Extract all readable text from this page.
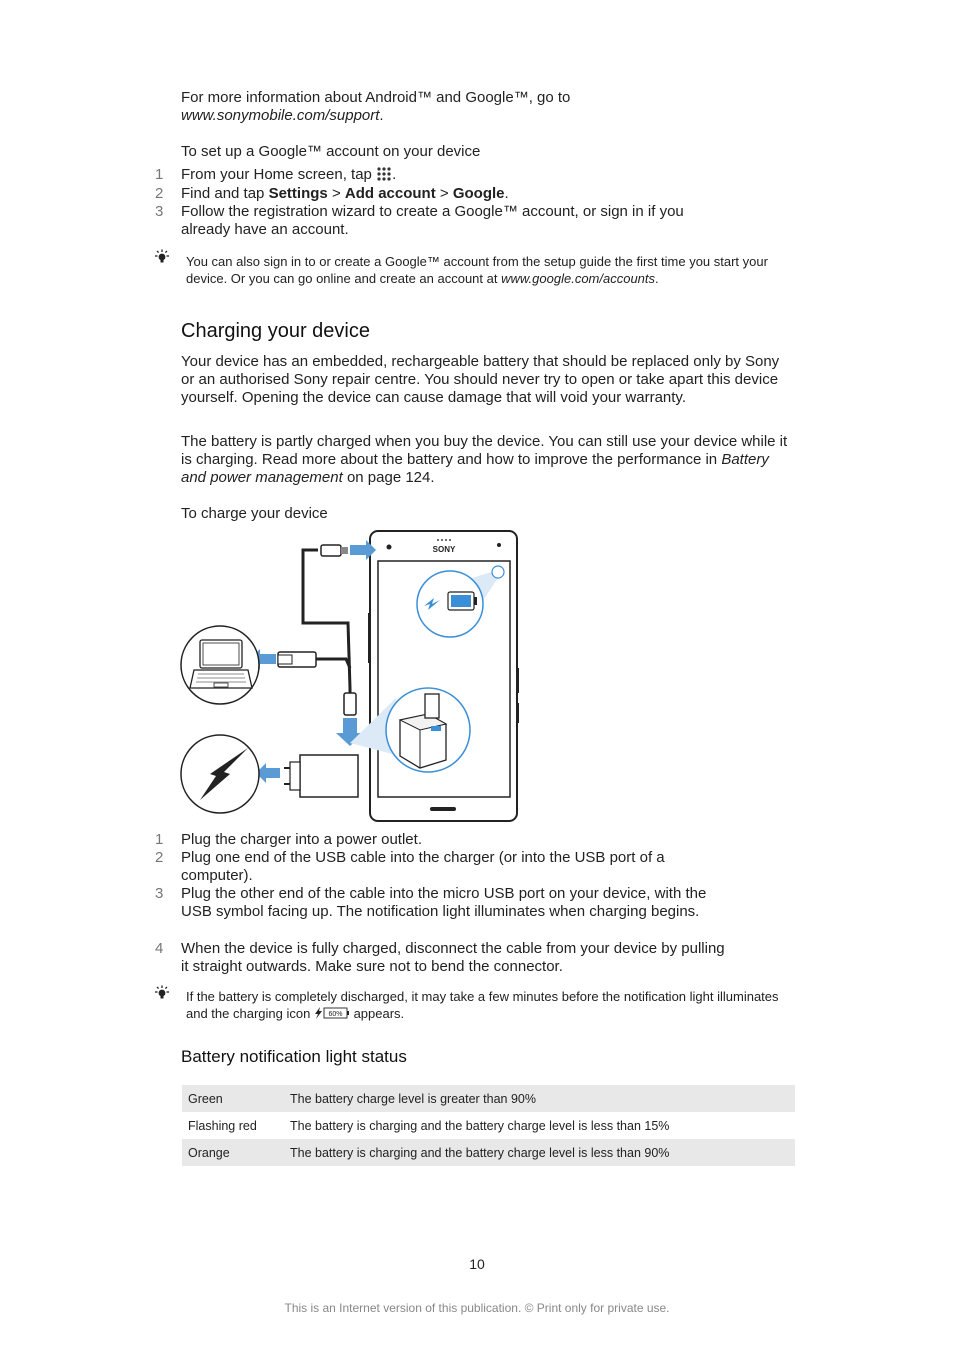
For more information about Android™ and Google™, go to
www.sonymobile.com/support.
To set up a Google™ account on your device
1 From your Home screen, tap .
2 Find and tap Settings > Add account > Google.
3 Follow the registration wizard to create a Google™ account, or sign in if you already have an account.
You can also sign in to or create a Google™ account from the setup guide the first time you start your device. Or you can go online and create an account at www.google.com/accounts.
Charging your device
Your device has an embedded, rechargeable battery that should be replaced only by Sony or an authorised Sony repair centre. You should never try to open or take apart this device yourself. Opening the device can cause damage that will void your warranty.
The battery is partly charged when you buy the device. You can still use your device while it is charging. Read more about the battery and how to improve the performance in Battery and power management on page 124.
To charge your device
SONY
1 Plug the charger into a power outlet.
2 Plug one end of the USB cable into the charger (or into the USB port of a computer).
3 Plug the other end of the cable into the micro USB port on your device, with the USB symbol facing up. The notification light illuminates when charging begins.
4 When the device is fully charged, disconnect the cable from your device by pulling it straight outwards. Make sure not to bend the connector.
If the battery is completely discharged, it may take a few minutes before the notification light illuminates and the charging icon	60% appears.
Battery notification light status
Green	The battery charge level is greater than 90%
Flashing red	The battery is charging and the battery charge level is less than 15%
Orange	The battery is charging and the battery charge level is less than 90%
10
This is an Internet version of this publication. © Print only for private use.
